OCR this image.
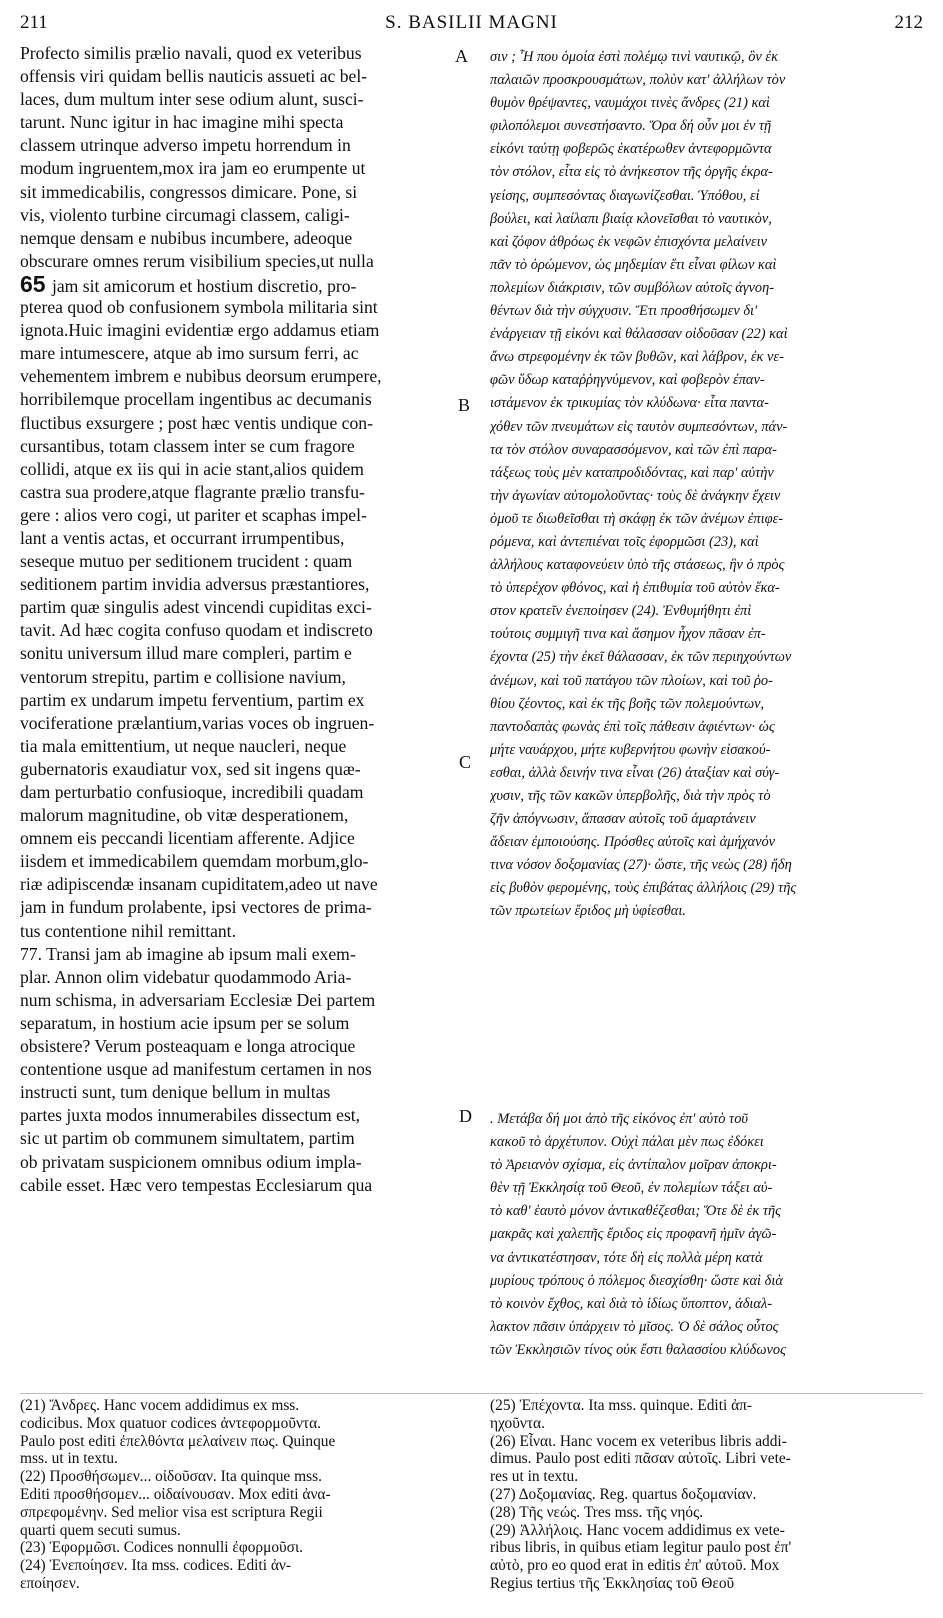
211	S. BASILII MAGNI	212
Profecto similis prælio navali, quod ex veteribus
offensis viri quidam bellis nauticis assueti ac bel-
laces, dum multum inter sese odium alunt, susci-
tarunt. Nunc igitur in hac imagine mihi specta
classem utrinque adverso impetu horrendum in
modum ingruentem,mox ira jam eo erumpente ut
sit immedicabilis, congressos dimicare. Pone, si
vis, violento turbine circumagi classem, caligi-
nemque densam e nubibus incumbere, adeoque
obscurare omnes rerum visibilium species,ut nulla
65 jam sit amicorum et hostium discretio, pro-
pterea quod ob confusionem symbola militaria sint
ignota.Huic imagini evidentiæ ergo addamus etiam
mare intumescere, atque ab imo sursum ferri, ac
vehementem imbrem e nubibus deorsum erumpere,
horribilemque procellam ingentibus ac decumanis
fluctibus exsurgere ; post hæc ventis undique con-
cursantibus, totam classem inter se cum fragore
collidi, atque ex iis qui in acie stant,alios quidem
castra sua prodere,atque flagrante prælio transfu-
gere : alios vero cogi, ut pariter et scaphas impel-
lant a ventis actas, et occurrant irrumpentibus,
seseque mutuo per seditionem trucident : quam
seditionem partim invidia adversus præstantiores,
partim quæ singulis adest vincendi cupiditas exci-
tavit. Ad hæc cogita confuso quodam et indiscreto
sonitu universum illud mare compleri, partim e
ventorum strepitu, partim e collisione navium,
partim ex undarum impetu ferventium, partim ex
vociferatione prælantium,varias voces ob ingruen-
tia mala emittentium, ut neque naucleri, neque
gubernatoris exaudiatur vox, sed sit ingens quæ-
dam perturbatio confusioque, incredibili quadam
malorum magnitudine, ob vitæ desperationem,
omnem eis peccandi licentiam afferente. Adjice
iisdem et immedicabilem quemdam morbum,glo-
riæ adipiscendæ insanam cupiditatem,adeo ut nave
jam in fundum prolabente, ipsi vectores de prima-
tus contentione nihil remittant.
77. Transi jam ab imagine ab ipsum mali exem-
plar. Annon olim videbatur quodammodo Aria-
num schisma, in adversariam Ecclesiæ Dei partem
separatum, in hostium acie ipsum per se solum
obsistere? Verum posteaquam e longa atrocique
contentione usque ad manifestum certamen in nos
instructi sunt, tum denique bellum in multas
partes juxta modos innumerabiles dissectum est,
sic ut partim ob communem simultatem, partim
ob privatam suspicionem omnibus odium impla-
cabile esset. Hæc vero tempestas Ecclesiarum qua
σιν ; Ἦ που ὁμοία ἐστὶ πολέμῳ τινὶ ναυτικῷ, ὃν ἐκ
παλαιῶν προσκρουσμάτων, πολὺν κατ' ἀλλήλων τὸν
θυμὸν θρέψαντες, ναυμάχοι τινὲς ἄνδρες (21) καὶ
φιλοπόλεμοι συνεστήσαντο. Ὅρα δή οὖν μοι ἐν τῇ
εἰκόνι ταύτῃ φοβερῶς ἑκατέρωθεν ἀντεφορμῶντα
τὸν στόλον, εἶτα εἰς τὸ ἀνήκεστον τῆς ὀργῆς ἐκρα-
γείσης, συμπεσόντας διαγωνίζεσθαι. Ὑπόθου, εἰ
βούλει, καὶ λαίλαπι βιαίᾳ κλονεῖσθαι τὸ ναυτικὸν,
καὶ ζόφον ἀθρόως ἐκ νεφῶν ἐπισχόντα μελαίνειν
πᾶν τὸ ὁρώμενον, ὡς μηδεμίαν ἔτι εἶναι φίλων καὶ
πολεμίων διάκρισιν, τῶν συμβόλων αὐτοῖς ἀγνοη-
θέντων διὰ τὴν σύγχυσιν. Ἔτι προσθήσωμεν δι'
ἐνάργειαν τῇ εἰκόνι καὶ θάλασσαν οἰδοῦσαν (22) καὶ
ἄνω στρεφομένην ἐκ τῶν βυθῶν, καὶ λάβρον, ἐκ νε-
φῶν ὕδωρ καταῤῥηγνύμενον, καὶ φοβερὸν ἐπαν-
ιστάμενον ἐκ τρικυμίας τὸν κλύδωνα· εἶτα παντα-
χόθεν τῶν πνευμάτων εἰς ταυτὸν συμπεσόντων, πάν-
τα τὸν στόλον συναρασσόμενον, καὶ τῶν ἐπὶ παρα-
τάξεως τοὺς μὲν καταπροδιδόντας, καὶ παρ' αὐτὴν
τὴν ἀγωνίαν αὐτομολοῦντας· τοὺς δὲ ἀνάγκην ἔχειν
ὁμοῦ τε διωθεῖσθαι τὴ σκάφῃ ἐκ τῶν ἀνέμων ἐπιφε-
ρόμενα, καὶ ἀντεπιέναι τοῖς ἐφορμῶσι (23), καὶ
ἀλλήλους καταφονεύειν ὑπὸ τῆς στάσεως, ἣν ὁ πρὸς
τὸ ὑπερέχον φθόνος, καὶ ἡ ἐπιθυμία τοῦ αὐτὸν ἕκα-
στον κρατεῖν ἐνεποίησεν (24). Ἐνθυμήθητι ἐπὶ
τούτοις συμμιγῆ τινα καὶ ἄσημον ἦχον πᾶσαν ἐπ-
έχοντα (25) τὴν ἐκεῖ θάλασσαν, ἐκ τῶν περιηχούντων
ἀνέμων, καὶ τοῦ πατάγου τῶν πλοίων, καὶ τοῦ ῥο-
θίου ζέοντος, καὶ ἐκ τῆς βοῆς τῶν πολεμούντων,
παντοδαπὰς φωνὰς ἐπὶ τοῖς πάθεσιν ἀφιέντων· ὡς
μήτε ναυάρχου, μήτε κυβερνήτου φωνὴν εἰσακού-
εσθαι, ἀλλὰ δεινήν τινα εἶναι (26) ἀταξίαν καὶ σύγ-
χυσιν, τῆς τῶν κακῶν ὑπερβολῆς, διὰ τὴν πρὸς τὸ
ζῆν ἀπόγνωσιν, ἅπασαν αὐτοῖς τοῦ ἁμαρτάνειν
ἄδειαν ἐμποιούσης. Πρόσθες αὐτοῖς καὶ ἀμήχανόν
τινα νόσον δοξομανίας (27)· ὥστε, τῆς νεὼς (28) ἤδη
εἰς βυθὸν φερομένης, τοὺς ἐπιβάτας ἀλλήλοις (29) τῆς
τῶν πρωτείων ἔριδος μὴ ὑφίεσθαι.
. Μετάβα δή μοι ἀπὸ τῆς εἰκόνος ἐπ' αὐτὸ τοῦ
κακοῦ τὸ ἀρχέτυπον. Οὐχὶ πάλαι μὲν πως ἐδόκει
τὸ Ἀρειανὸν σχίσμα, εἰς ἀντίπαλον μοῖραν ἀποκρι-
θὲν τῇ Ἐκκλησίᾳ τοῦ Θεοῦ, ἐν πολεμίων τάξει αὐ-
τὸ καθ' ἑαυτὸ μόνον ἀντικαθέζεσθαι; Ὅτε δὲ ἐκ τῆς
μακρᾶς καὶ χαλεπῆς ἔριδος εἰς προφανῆ ἡμῖν ἀγῶ-
να ἀντικατέστησαν, τότε δὴ εἰς πολλὰ μέρη κατὰ
μυρίους τρόπους ὁ πόλεμος διεσχίσθη· ὥστε καὶ διὰ
τὸ κοινὸν ἔχθος, καὶ διὰ τὸ ἰδίως ὕποπτον, ἀδιαλ-
λακτον πᾶσιν ὑπάρχειν τὸ μῖσος. Ὁ δὲ σάλος οὗτος
τῶν Ἐκκλησιῶν τίνος οὐκ ἔστι θαλασσίου κλύδωνος
A
B
C
D
(21) Ἄνδρες. Hanc vocem addidimus ex mss.
codicibus. Mox quatuor codices ἀντεφορμοῦντα.
Paulo post editi ἐπελθόντα μελαίνειν πως. Quinque
mss. ut in textu.
(22) Προσθήσωμεν... οἰδοῦσαν. Ita quinque mss.
Editi προσθήσομεν... οἰδαίνουσαν. Mox editi ἀνα-
σπρεφομένην. Sed melior visa est scriptura Regii
quarti quem secuti sumus.
(23) Ἐφορμῶσι. Codices nonnulli ἐφορμοῦσι.
(24) Ἐνεποίησεν. Ita mss. codices. Editi ἀν-
εποίησεν.
(25) Ἐπέχοντα. Ita mss. quinque. Editi ἀπ-
ηχοῦντα.
(26) Εἶναι. Hanc vocem ex veteribus libris addi-
dimus. Paulo post editi πᾶσαν αὐτοῖς. Libri vete-
res ut in textu.
(27) Δοξομανίας. Reg. quartus δοξομανίαν.
(28) Τῆς νεώς. Tres mss. τῆς νηός.
(29) Ἀλλήλοις. Hanc vocem addidimus ex vete-
ribus libris, in quibus etiam legitur paulo post ἐπ'
αὐτὸ, pro eo quod erat in editis ἐπ' αὐτοῦ. Mox
Regius tertius τῆς Ἐκκλησίας τοῦ Θεοῦ
